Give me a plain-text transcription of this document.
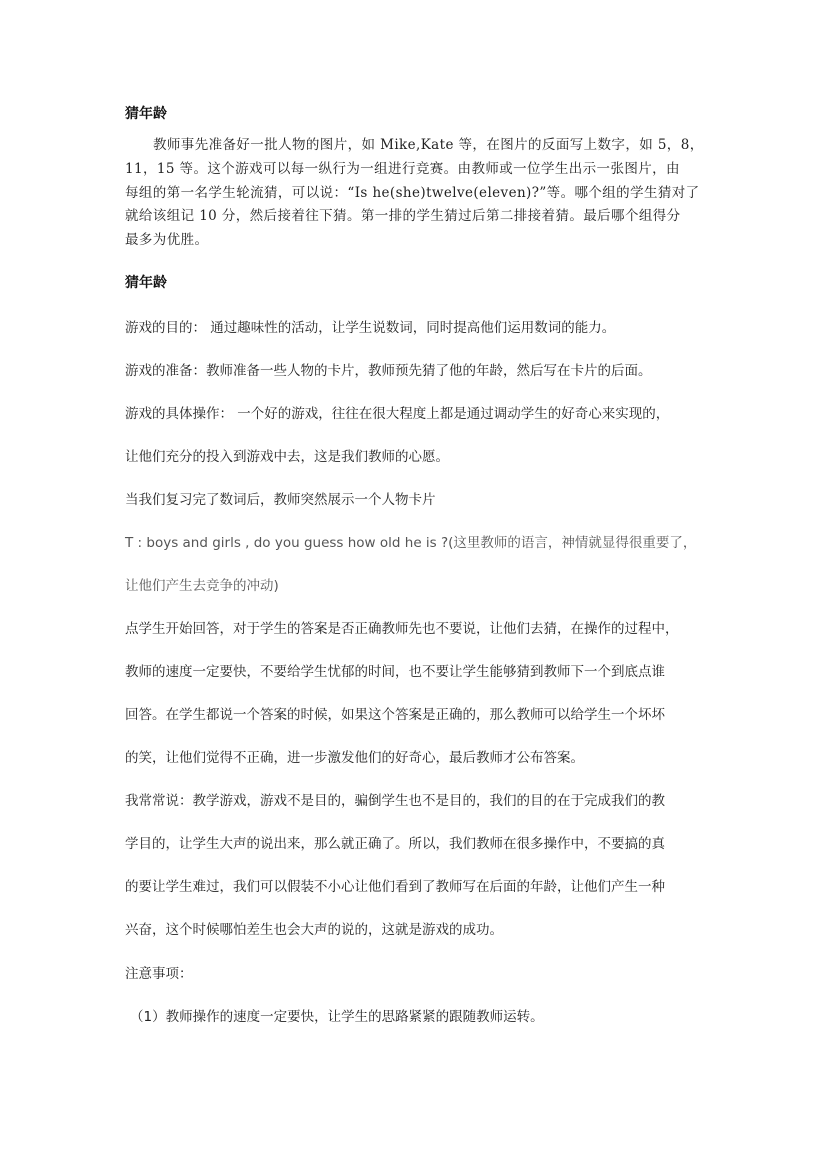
猜年龄
教师事先准备好一批人物的图片，如 Mike,Kate 等，在图片的反面写上数字，如 5，8，
11，15 等。这个游戏可以每一纵行为一组进行竞赛。由教师或一位学生出示一张图片，由
每组的第一名学生轮流猜，可以说：“Is he(she)twelve(eleven)?”等。哪个组的学生猜对了
就给该组记 10 分，然后接着往下猜。第一排的学生猜过后第二排接着猜。最后哪个组得分
最多为优胜。
猜年龄
游戏的目的： 通过趣味性的活动，让学生说数词，同时提高他们运用数词的能力。
游戏的准备：教师准备一些人物的卡片，教师预先猜了他的年龄，然后写在卡片的后面。
游戏的具体操作： 一个好的游戏，往往在很大程度上都是通过调动学生的好奇心来实现的，
让他们充分的投入到游戏中去，这是我们教师的心愿。
当我们复习完了数词后，教师突然展示一个人物卡片
T : boys and girls , do you guess how old he is ?(这里教师的语言，神情就显得很重要了，
让他们产生去竞争的冲动)
点学生开始回答，对于学生的答案是否正确教师先也不要说，让他们去猜，在操作的过程中，
教师的速度一定要快，不要给学生忧郁的时间，也不要让学生能够猜到教师下一个到底点谁
回答。在学生都说一个答案的时候，如果这个答案是正确的，那么教师可以给学生一个坏坏
的笑，让他们觉得不正确，进一步激发他们的好奇心，最后教师才公布答案。
我常常说：教学游戏，游戏不是目的，骗倒学生也不是目的，我们的目的在于完成我们的教
学目的，让学生大声的说出来，那么就正确了。所以，我们教师在很多操作中，不要搞的真
的要让学生难过，我们可以假装不小心让他们看到了教师写在后面的年龄，让他们产生一种
兴奋，这个时候哪怕差生也会大声的说的，这就是游戏的成功。
注意事项：
（1）教师操作的速度一定要快，让学生的思路紧紧的跟随教师运转。
